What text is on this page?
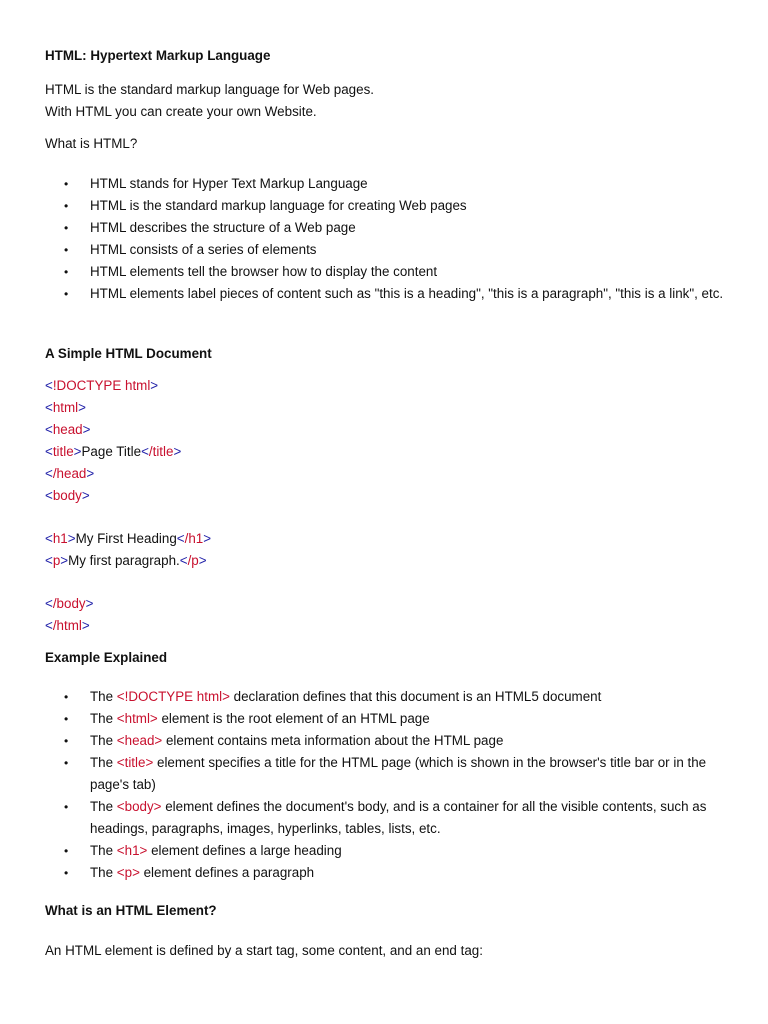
HTML: Hypertext Markup Language
HTML is the standard markup language for Web pages.
With HTML you can create your own Website.
What is HTML?
• HTML stands for Hyper Text Markup Language
• HTML is the standard markup language for creating Web pages
• HTML describes the structure of a Web page
• HTML consists of a series of elements
• HTML elements tell the browser how to display the content
• HTML elements label pieces of content such as "this is a heading", "this is a paragraph", "this is a link", etc.
A Simple HTML Document
<!DOCTYPE html>
<html>
<head>
<title>Page Title</title>
</head>
<body>
<h1>My First Heading</h1>
<p>My first paragraph.</p>
</body>
</html>
Example Explained
• The <!DOCTYPE html> declaration defines that this document is an HTML5 document
• The <html> element is the root element of an HTML page
• The <head> element contains meta information about the HTML page
• The <title> element specifies a title for the HTML page (which is shown in the browser's title bar or in the page's tab)
• The <body> element defines the document's body, and is a container for all the visible contents, such as headings, paragraphs, images, hyperlinks, tables, lists, etc.
• The <h1> element defines a large heading
• The <p> element defines a paragraph
What is an HTML Element?
An HTML element is defined by a start tag, some content, and an end tag:
